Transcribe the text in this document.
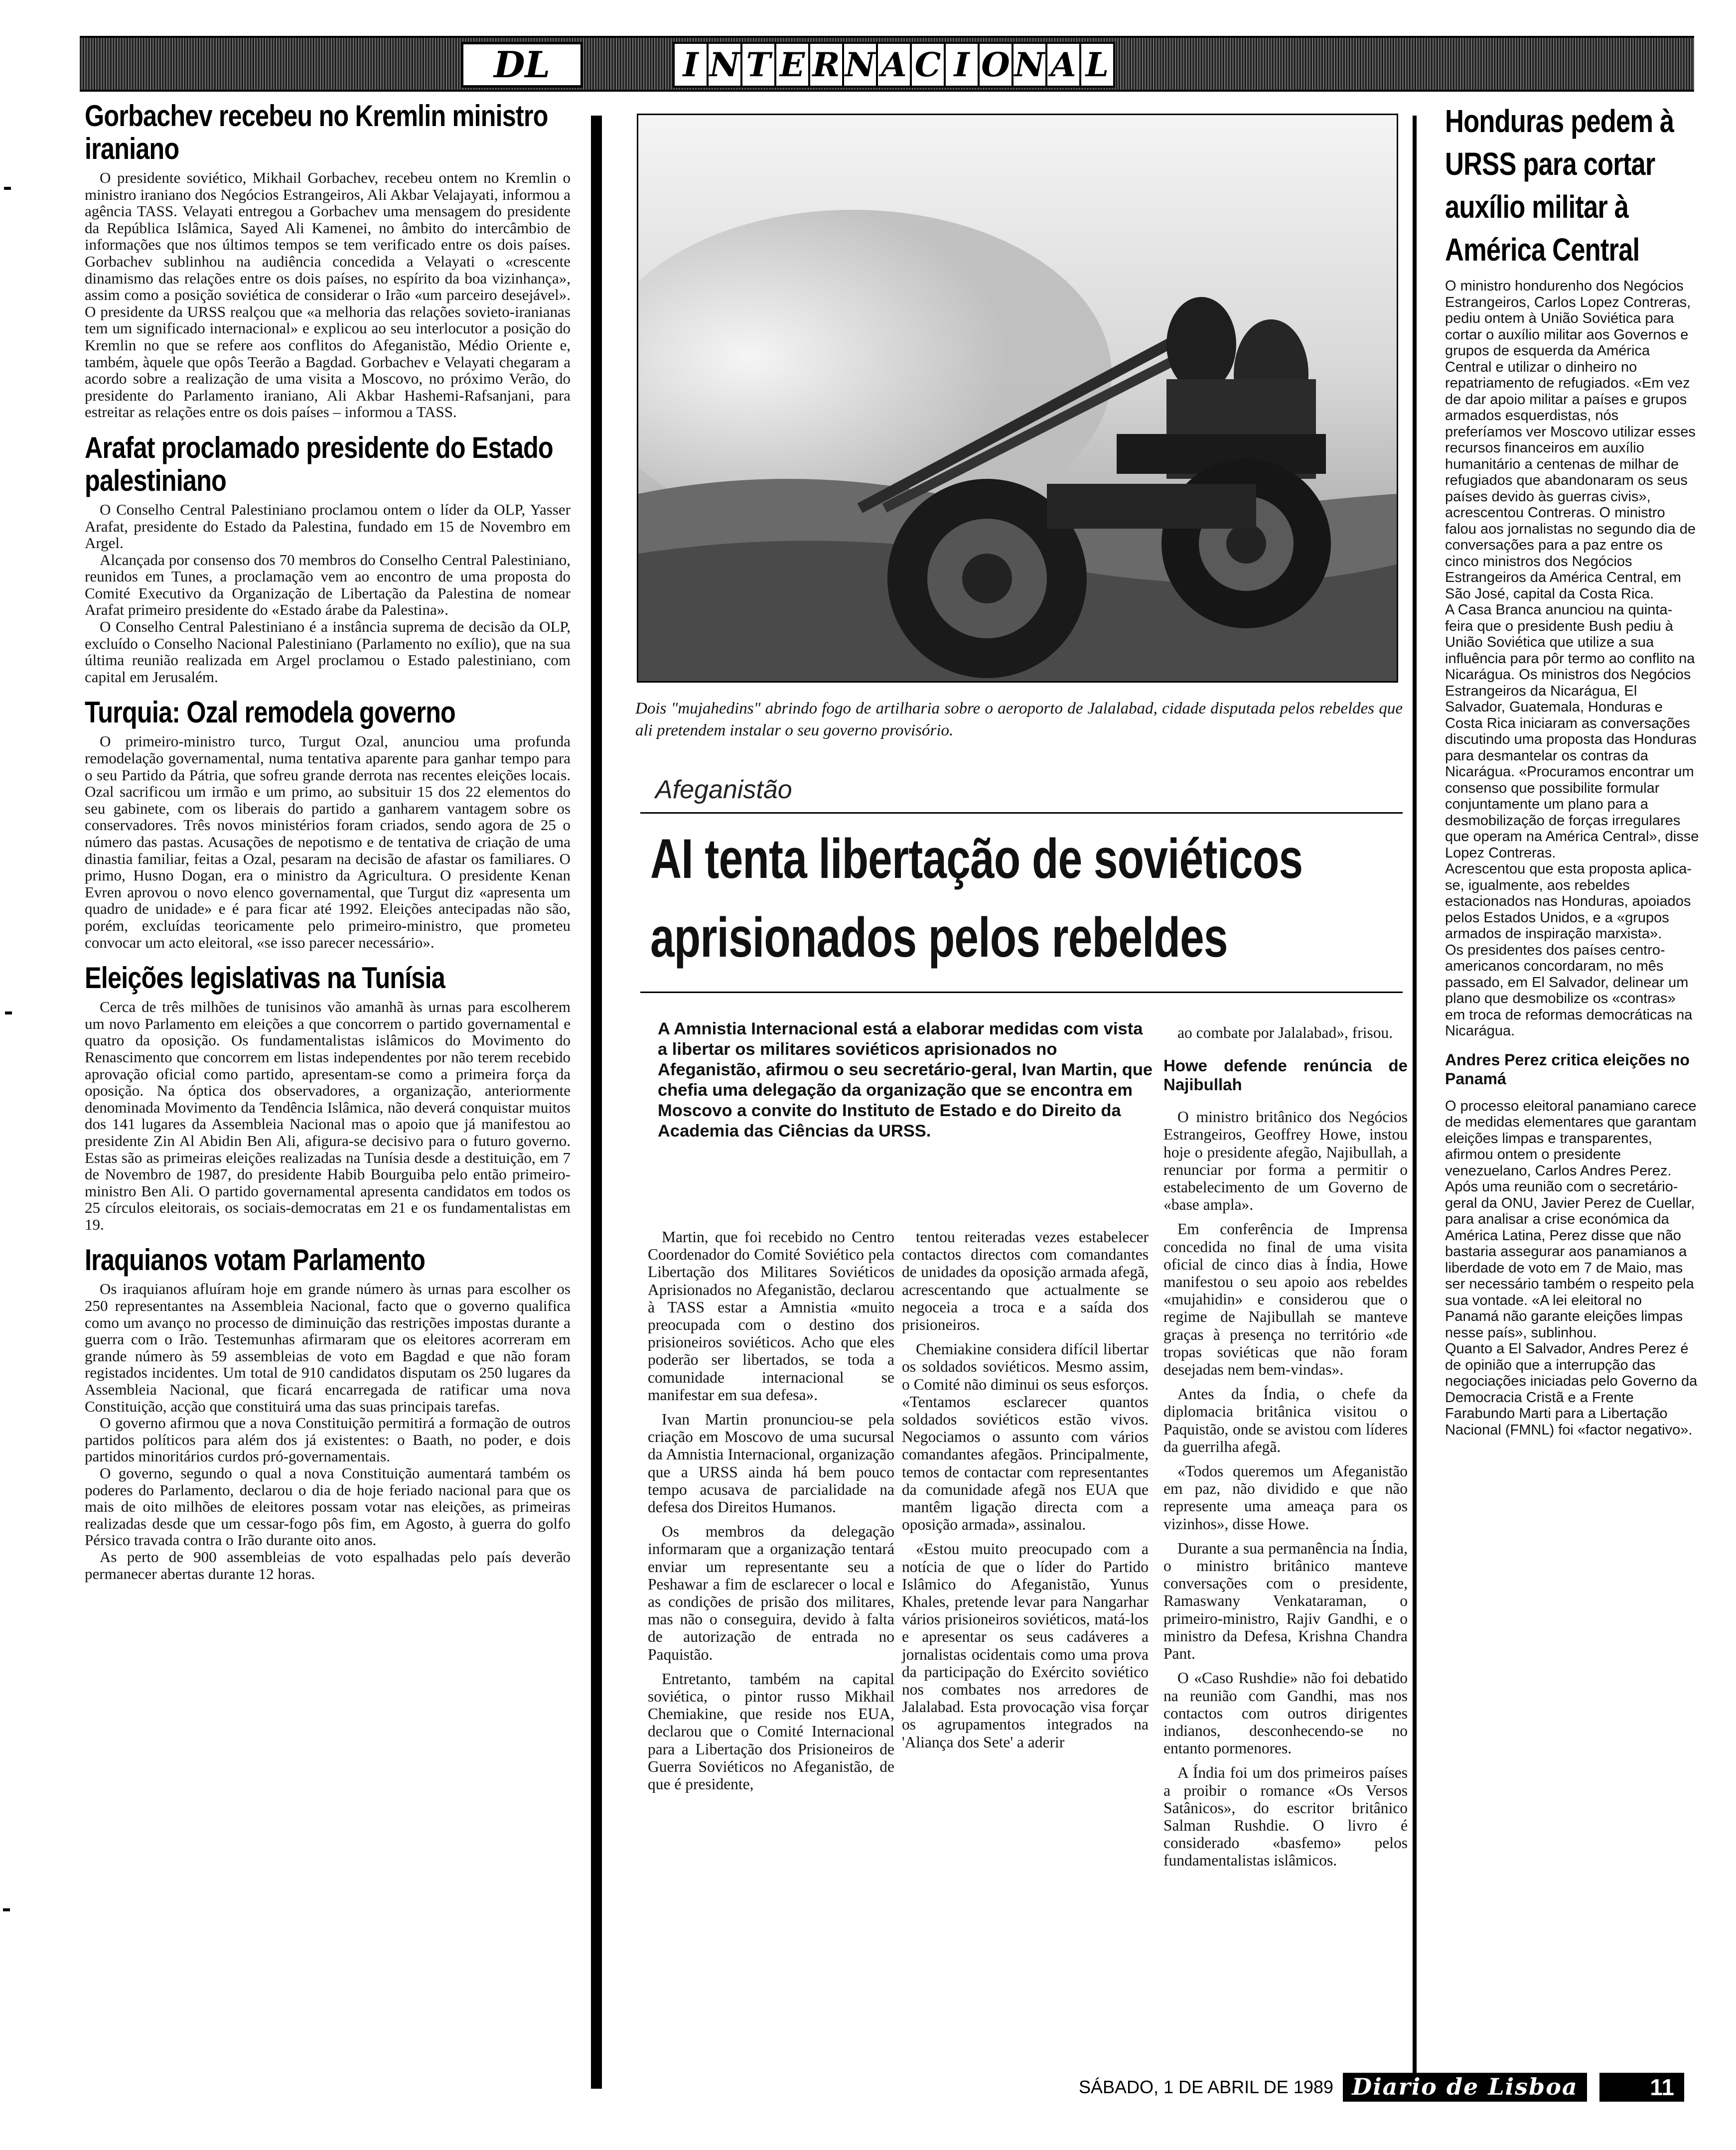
DL	I N T E R N A C I O N A L
Gorbachev recebeu no Kremlin ministro iraniano

O presidente soviético, Mikhail Gorbachev, recebeu ontem no Kremlin o ministro iraniano dos Negócios Estrangeiros, Ali Akbar Velajayati, informou a agência TASS. Velayati entregou a Gorbachev uma mensagem do presidente da República Islâmica, Sayed Ali Kamenei, no âmbito do intercâmbio de informações que nos últimos tempos se tem verificado entre os dois países. Gorbachev sublinhou na audiência concedida a Velayati o «crescente dinamismo das relações entre os dois países, no espírito da boa vizinhança», assim como a posição soviética de considerar o Irão «um parceiro desejável». O presidente da URSS realçou que «a melhoria das relações sovieto-iranianas tem um significado internacional» e explicou ao seu interlocutor a posição do Kremlin no que se refere aos conflitos do Afeganistão, Médio Oriente e, também, àquele que opôs Teerão a Bagdad. Gorbachev e Velayati chegaram a acordo sobre a realização de uma visita a Moscovo, no próximo Verão, do presidente do Parlamento iraniano, Ali Akbar Hashemi-Rafsanjani, para estreitar as relações entre os dois países – informou a TASS.

Arafat proclamado presidente do Estado palestiniano

O Conselho Central Palestiniano proclamou ontem o líder da OLP, Yasser Arafat, presidente do Estado da Palestina, fundado em 15 de Novembro em Argel.

Alcançada por consenso dos 70 membros do Conselho Central Palestiniano, reunidos em Tunes, a proclamação vem ao encontro de uma proposta do Comité Executivo da Organização de Libertação da Palestina de nomear Arafat primeiro presidente do «Estado árabe da Palestina».

O Conselho Central Palestiniano é a instância suprema de decisão da OLP, excluído o Conselho Nacional Palestiniano (Parlamento no exílio), que na sua última reunião realizada em Argel proclamou o Estado palestiniano, com capital em Jerusalém.

Turquia: Ozal remodela governo

O primeiro-ministro turco, Turgut Ozal, anunciou uma profunda remodelação governamental, numa tentativa aparente para ganhar tempo para o seu Partido da Pátria, que sofreu grande derrota nas recentes eleições locais. Ozal sacrificou um irmão e um primo, ao subsituir 15 dos 22 elementos do seu gabinete, com os liberais do partido a ganharem vantagem sobre os conservadores. Três novos ministérios foram criados, sendo agora de 25 o número das pastas. Acusações de nepotismo e de tentativa de criação de uma dinastia familiar, feitas a Ozal, pesaram na decisão de afastar os familiares. O primo, Husno Dogan, era o ministro da Agricultura. O presidente Kenan Evren aprovou o novo elenco governamental, que Turgut diz «apresenta um quadro de unidade» e é para ficar até 1992. Eleições antecipadas não são, porém, excluídas teoricamente pelo primeiro-ministro, que prometeu convocar um acto eleitoral, «se isso parecer necessário».

Eleições legislativas na Tunísia

Cerca de três milhões de tunisinos vão amanhã às urnas para escolherem um novo Parlamento em eleições a que concorrem o partido governamental e quatro da oposição. Os fundamentalistas islâmicos do Movimento do Renascimento que concorrem em listas independentes por não terem recebido aprovação oficial como partido, apresentam-se como a primeira força da oposição. Na óptica dos observadores, a organização, anteriormente denominada Movimento da Tendência Islâmica, não deverá conquistar muitos dos 141 lugares da Assembleia Nacional mas o apoio que já manifestou ao presidente Zin Al Abidin Ben Ali, afigura-se decisivo para o futuro governo. Estas são as primeiras eleições realizadas na Tunísia desde a destituição, em 7 de Novembro de 1987, do presidente Habib Bourguiba pelo então primeiro-ministro Ben Ali. O partido governamental apresenta candidatos em todos os 25 círculos eleitorais, os sociais-democratas em 21 e os fundamentalistas em 19.

Iraquianos votam Parlamento

Os iraquianos afluíram hoje em grande número às urnas para escolher os 250 representantes na Assembleia Nacional, facto que o governo qualifica como um avanço no processo de diminuição das restrições impostas durante a guerra com o Irão. Testemunhas afirmaram que os eleitores acorreram em grande número às 59 assembleias de voto em Bagdad e que não foram registados incidentes. Um total de 910 candidatos disputam os 250 lugares da Assembleia Nacional, que ficará encarregada de ratificar uma nova Constituição, acção que constituirá uma das suas principais tarefas.

O governo afirmou que a nova Constituição permitirá a formação de outros partidos políticos para além dos já existentes: o Baath, no poder, e dois partidos minoritários curdos pró-governamentais.

O governo, segundo o qual a nova Constituição aumentará também os poderes do Parlamento, declarou o dia de hoje feriado nacional para que os mais de oito milhões de eleitores possam votar nas eleições, as primeiras realizadas desde que um cessar-fogo pôs fim, em Agosto, à guerra do golfo Pérsico travada contra o Irão durante oito anos.

As perto de 900 assembleias de voto espalhadas pelo país deverão permanecer abertas durante 12 horas.

Dois "mujahedins" abrindo fogo de artilharia sobre o aeroporto de Jalalabad, cidade disputada pelos rebeldes que ali pretendem instalar o seu governo provisório.
Afeganistão
AI tenta libertação de soviéticos
aprisionados pelos rebeldes
A Amnistia Internacional está a elaborar medidas com vista a libertar os militares soviéticos aprisionados no Afeganistão, afirmou o seu secretário-geral, Ivan Martin, que chefia uma delegação da organização que se encontra em Moscovo a convite do Instituto de Estado e do Direito da Academia das Ciências da URSS.

Martin, que foi recebido no Centro Coordenador do Comité Soviético pela Libertação dos Militares Soviéticos Aprisionados no Afeganistão, declarou à TASS estar a Amnistia «muito preocupada com o destino dos prisioneiros soviéticos. Acho que eles poderão ser libertados, se toda a comunidade internacional se manifestar em sua defesa».

Ivan Martin pronunciou-se pela criação em Moscovo de uma sucursal da Amnistia Internacional, organização que a URSS ainda há bem pouco tempo acusava de parcialidade na defesa dos Direitos Humanos.

Os membros da delegação informaram que a organização tentará enviar um representante seu a Peshawar a fim de esclarecer o local e as condições de prisão dos militares, mas não o conseguira, devido à falta de autorização de entrada no Paquistão.

Entretanto, também na capital soviética, o pintor russo Mikhail Chemiakine, que reside nos EUA, declarou que o Comité Internacional para a Libertação dos Prisioneiros de Guerra Soviéticos no Afeganistão, de que é presidente,

tentou reiteradas vezes estabelecer contactos directos com comandantes de unidades da oposição armada afegã, acrescentando que actualmente se negoceia a troca e a saída dos prisioneiros.

Chemiakine considera difícil libertar os soldados soviéticos. Mesmo assim, o Comité não diminui os seus esforços. «Tentamos esclarecer quantos soldados soviéticos estão vivos. Negociamos o assunto com vários comandantes afegãos. Principalmente, temos de contactar com representantes da comunidade afegã nos EUA que mantêm ligação directa com a oposição armada», assinalou.

«Estou muito preocupado com a notícia de que o líder do Partido Islâmico do Afeganistão, Yunus Khales, pretende levar para Nangarhar vários prisioneiros soviéticos, matá-los e apresentar os seus cadáveres a jornalistas ocidentais como uma prova da participação do Exército soviético nos combates nos arredores de Jalalabad. Esta provocação visa forçar os agrupamentos integrados na 'Aliança dos Sete' a aderir

ao combate por Jalalabad», frisou.

Howe defende renúncia de Najibullah

O ministro britânico dos Negócios Estrangeiros, Geoffrey Howe, instou hoje o presidente afegão, Najibullah, a renunciar por forma a permitir o estabelecimento de um Governo de «base ampla».

Em conferência de Imprensa concedida no final de uma visita oficial de cinco dias à Índia, Howe manifestou o seu apoio aos rebeldes «mujahidin» e considerou que o regime de Najibullah se manteve graças à presença no território «de tropas soviéticas que não foram desejadas nem bem-vindas».

Antes da Índia, o chefe da diplomacia britânica visitou o Paquistão, onde se avistou com líderes da guerrilha afegã.

«Todos queremos um Afeganistão em paz, não dividido e que não represente uma ameaça para os vizinhos», disse Howe.

Durante a sua permanência na Índia, o ministro britânico manteve conversações com o presidente, Ramaswany Venkataraman, o primeiro-ministro, Rajiv Gandhi, e o ministro da Defesa, Krishna Chandra Pant.

O «Caso Rushdie» não foi debatido na reunião com Gandhi, mas nos contactos com outros dirigentes indianos, desconhecendo-se no entanto pormenores.

A Índia foi um dos primeiros países a proibir o romance «Os Versos Satânicos», do escritor britânico Salman Rushdie. O livro é considerado «basfemo» pelos fundamentalistas islâmicos.

Honduras pedem à URSS para cortar auxílio militar à América Central

O ministro hondurenho dos Negócios Estrangeiros, Carlos Lopez Contreras, pediu ontem à União Soviética para cortar o auxílio militar aos Governos e grupos de esquerda da América Central e utilizar o dinheiro no repatriamento de refugiados. «Em vez de dar apoio militar a países e grupos armados esquerdistas, nós preferíamos ver Moscovo utilizar esses recursos financeiros em auxílio humanitário a centenas de milhar de refugiados que abandonaram os seus países devido às guerras civis», acrescentou Contreras. O ministro falou aos jornalistas no segundo dia de conversações para a paz entre os cinco ministros dos Negócios Estrangeiros da América Central, em São José, capital da Costa Rica.

A Casa Branca anunciou na quinta-feira que o presidente Bush pediu à União Soviética que utilize a sua influência para pôr termo ao conflito na Nicarágua. Os ministros dos Negócios Estrangeiros da Nicarágua, El Salvador, Guatemala, Honduras e Costa Rica iniciaram as conversações discutindo uma proposta das Honduras para desmantelar os contras da Nicarágua. «Procuramos encontrar um consenso que possibilite formular conjuntamente um plano para a desmobilização de forças irregulares que operam na América Central», disse Lopez Contreras.

Acrescentou que esta proposta aplica-se, igualmente, aos rebeldes estacionados nas Honduras, apoiados pelos Estados Unidos, e a «grupos armados de inspiração marxista».

Os presidentes dos países centro-americanos concordaram, no mês passado, em El Salvador, delinear um plano que desmobilize os «contras» em troca de reformas democráticas na Nicarágua.

Andres Perez critica eleições no Panamá

O processo eleitoral panamiano carece de medidas elementares que garantam eleições limpas e transparentes, afirmou ontem o presidente venezuelano, Carlos Andres Perez. Após uma reunião com o secretário-geral da ONU, Javier Perez de Cuellar, para analisar a crise económica da América Latina, Perez disse que não bastaria assegurar aos panamianos a liberdade de voto em 7 de Maio, mas ser necessário também o respeito pela sua vontade. «A lei eleitoral no Panamá não garante eleições limpas nesse país», sublinhou.

Quanto a El Salvador, Andres Perez é de opinião que a interrupção das negociações iniciadas pelo Governo da Democracia Cristã e a Frente Farabundo Marti para a Libertação Nacional (FMNL) foi «factor negativo».

SÁBADO, 1 DE ABRIL DE 1989 Diario de Lisboa	11
